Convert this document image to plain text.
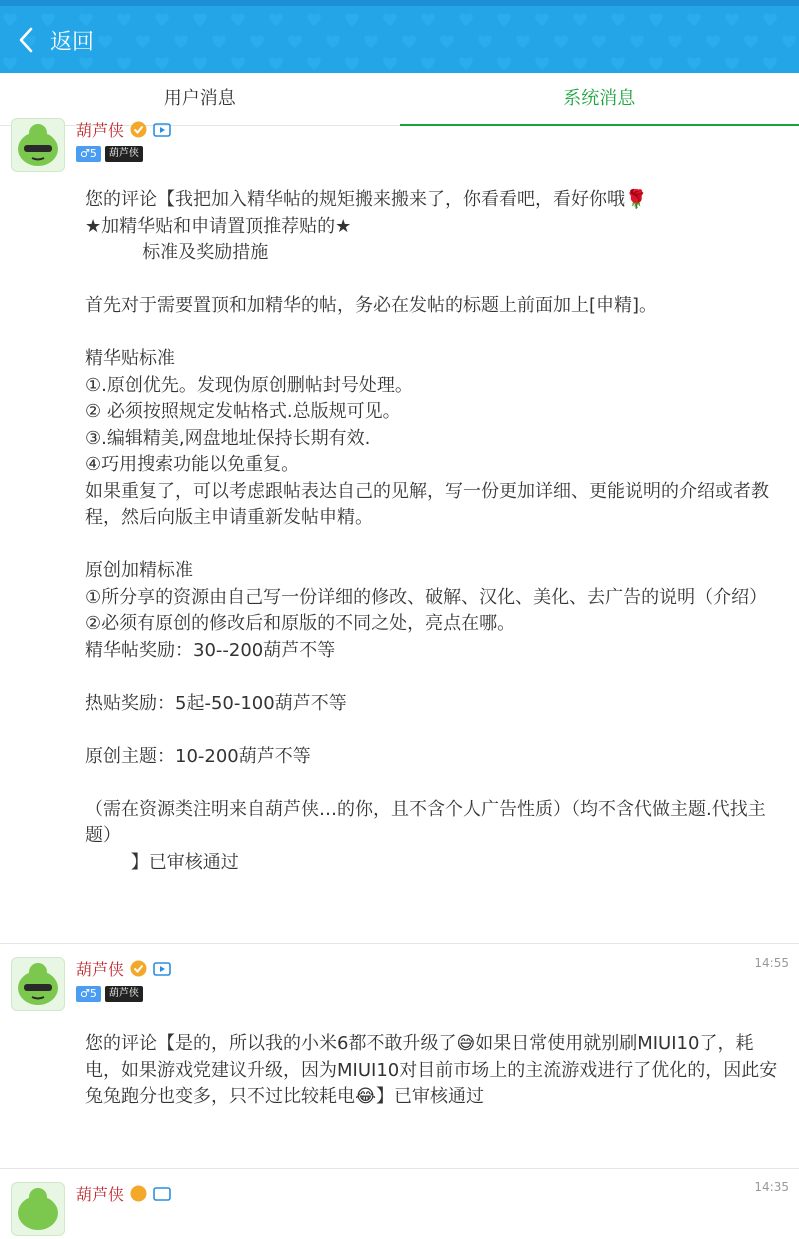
返回
用户消息	系统消息
葫芦侠
♂5	葫芦侠
您的评论【我把加入精华帖的规矩搬来搬来了，你看看吧，看好你哦🌹
★加精华贴和申请置顶推荐贴的★
标准及奖励措施

首先对于需要置顶和加精华的帖，务必在发帖的标题上前面加上[申精]。

精华贴标准
①.原创优先。发现伪原创删帖封号处理。
② 必须按照规定发帖格式.总版规可见。
③.编辑精美,网盘地址保持长期有效.
④巧用搜索功能以免重复。
如果重复了，可以考虑跟帖表达自己的见解，写一份更加详细、更能说明的介绍或者教程，然后向版主申请重新发帖申精。

原创加精标准
①所分享的资源由自己写一份详细的修改、破解、汉化、美化、去广告的说明（介绍）
②必须有原创的修改后和原版的不同之处，亮点在哪。
精华帖奖励：30--200葫芦不等

热贴奖励：5起-50-100葫芦不等

原创主题：10-200葫芦不等

（需在资源类注明来自葫芦侠…的你，且不含个人广告性质）（均不含代做主题.代找主题）
】已审核通过
葫芦侠
♂5	葫芦侠
14:55
您的评论【是的，所以我的小米6都不敢升级了😅如果日常使用就别刷MIUI10了，耗电，如果游戏党建议升级，因为MIUI10对目前市场上的主流游戏进行了优化的，因此安兔兔跑分也变多，只不过比较耗电😂】已审核通过
葫芦侠	14:35
